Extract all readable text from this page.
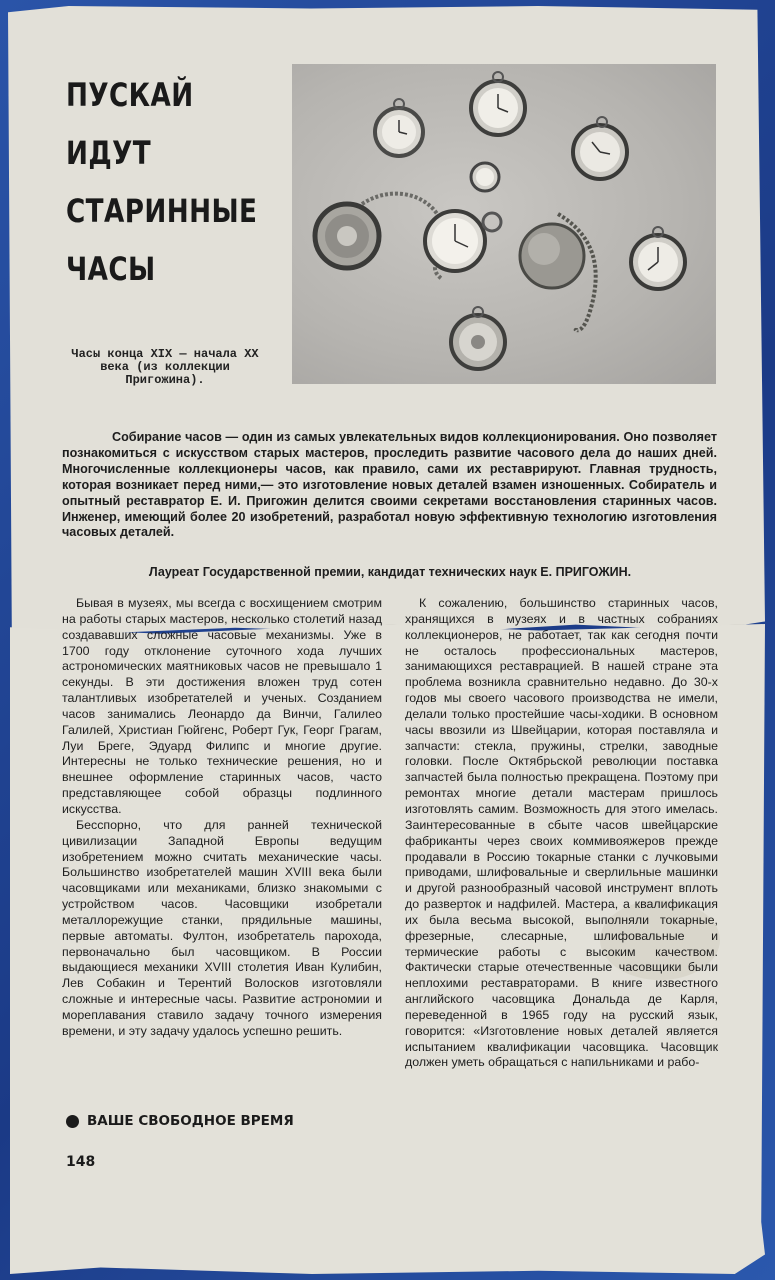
ПУСКАЙ
ИДУТ
СТАРИННЫЕ
ЧАСЫ
Часы конца XIX — начала XX века (из коллекции Пригожина).

Собирание часов — один из самых увлекательных видов коллекционирования. Оно позволяет познакомиться с искусством старых мастеров, проследить развитие часового дела до наших дней. Многочисленные коллекционеры часов, как правило, сами их реставрируют. Главная трудность, которая возникает перед ними,— это изготовление новых деталей взамен изношенных. Собиратель и опытный реставратор Е. И. Пригожин делится своими секретами восстановления старинных часов. Инженер, имеющий более 20 изобретений, разработал новую эффективную технологию изготовления часовых деталей.

Лауреат Государственной премии, кандидат технических наук Е. ПРИГОЖИН.

Бывая в музеях, мы всегда с восхищением смотрим на работы старых мастеров, несколько столетий назад создававших сложные часовые механизмы. Уже в 1700 году отклонение суточного хода лучших астрономических маятниковых часов не превышало 1 секунды. В эти достижения вложен труд сотен талантливых изобретателей и ученых. Созданием часов занимались Леонардо да Винчи, Галилео Галилей, Христиан Гюйгенс, Роберт Гук, Георг Грагам, Луи Бреге, Эдуард Филипс и многие другие. Интересны не только технические решения, но и внешнее оформление старинных часов, часто представляющее собой образцы подлинного искусства.

Бесспорно, что для ранней технической цивилизации Западной Европы ведущим изобретением можно считать механические часы. Большинство изобретателей машин XVIII века были часовщиками или механиками, близко знакомыми с устройством часов. Часовщики изобретали металлорежущие станки, прядильные машины, первые автоматы. Фултон, изобретатель парохода, первоначально был часовщиком. В России выдающиеся механики XVIII столетия Иван Кулибин, Лев Собакин и Терентий Волосков изготовляли сложные и интересные часы. Развитие астрономии и мореплавания ставило задачу точного измерения времени, и эту задачу удалось успешно решить.

К сожалению, большинство старинных часов, хранящихся в музеях и в частных собраниях коллекционеров, не работает, так как сегодня почти не осталось профессиональных мастеров, занимающихся реставрацией. В нашей стране эта проблема возникла сравнительно недавно. До 30-х годов мы своего часового производства не имели, делали только простейшие часы-ходики. В основном часы ввозили из Швейцарии, которая поставляла и запчасти: стекла, пружины, стрелки, заводные головки. После Октябрьской революции поставка запчастей была полностью прекращена. Поэтому при ремонтах многие детали мастерам пришлось изготовлять самим. Возможность для этого имелась. Заинтересованные в сбыте часов швейцарские фабриканты через своих коммивояжеров прежде продавали в Россию токарные станки с лучковыми приводами, шлифовальные и сверлильные машинки и другой разнообразный часовой инструмент вплоть до разверток и надфилей. Мастера, а квалификация их была весьма высокой, выполняли токарные, фрезерные, слесарные, шлифовальные и термические работы с высоким качеством. Фактически старые отечественные часовщики были неплохими реставраторами. В книге известного английского часовщика Дональда де Карля, переведенной в 1965 году на русский язык, говорится: «Изготовление новых деталей является испытанием квалификации часовщика. Часовщик должен уметь обращаться с напильниками и рабо-

ВАШЕ СВОБОДНОЕ ВРЕМЯ
148
